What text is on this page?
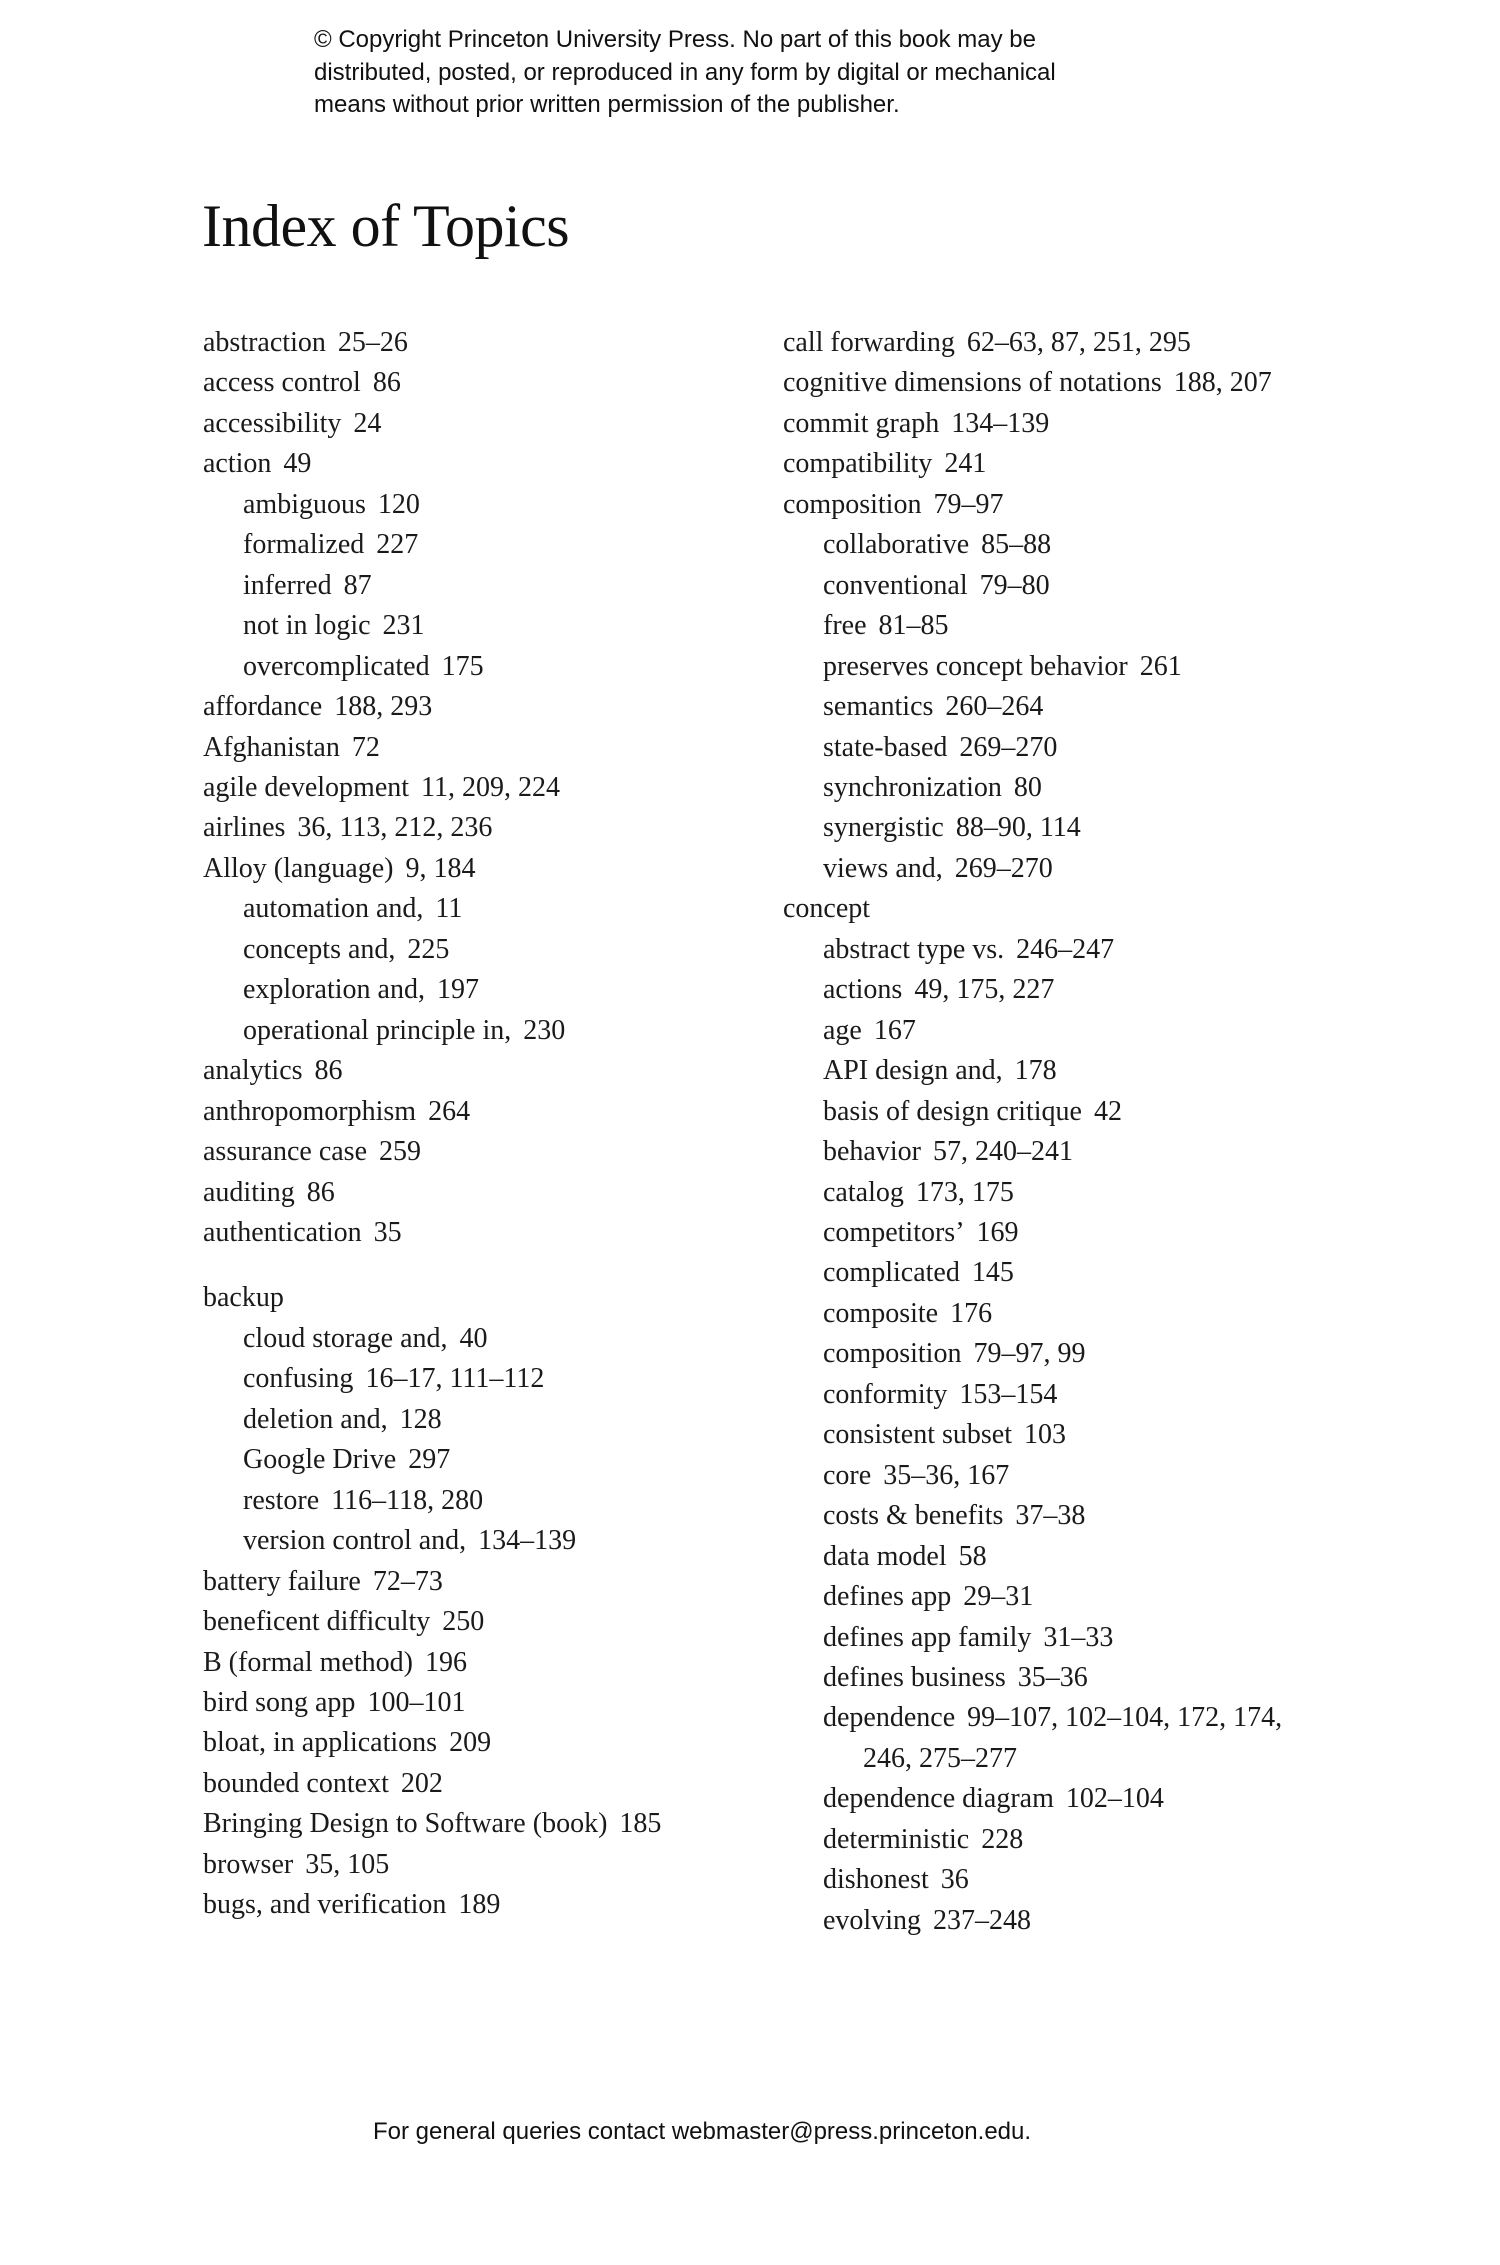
© Copyright Princeton University Press. No part of this book may be
distributed, posted, or reproduced in any form by digital or mechanical
means without prior written permission of the publisher.
Index of Topics
abstraction 25–26
access control 86
accessibility 24
action 49
ambiguous 120
formalized 227
inferred 87
not in logic 231
overcomplicated 175
affordance 188, 293
Afghanistan 72
agile development 11, 209, 224
airlines 36, 113, 212, 236
Alloy (language) 9, 184
automation and, 11
concepts and, 225
exploration and, 197
operational principle in, 230
analytics 86
anthropomorphism 264
assurance case 259
auditing 86
authentication 35
backup
cloud storage and, 40
confusing 16–17, 111–112
deletion and, 128
Google Drive 297
restore 116–118, 280
version control and, 134–139
battery failure 72–73
beneficent difficulty 250
B (formal method) 196
bird song app 100–101
bloat, in applications 209
bounded context 202
Bringing Design to Software (book) 185
browser 35, 105
bugs, and verification 189
call forwarding 62–63, 87, 251, 295
cognitive dimensions of notations 188, 207
commit graph 134–139
compatibility 241
composition 79–97
collaborative 85–88
conventional 79–80
free 81–85
preserves concept behavior 261
semantics 260–264
state-based 269–270
synchronization 80
synergistic 88–90, 114
views and, 269–270
concept
abstract type vs. 246–247
actions 49, 175, 227
age 167
API design and, 178
basis of design critique 42
behavior 57, 240–241
catalog 173, 175
competitors’ 169
complicated 145
composite 176
composition 79–97, 99
conformity 153–154
consistent subset 103
core 35–36, 167
costs & benefits 37–38
data model 58
defines app 29–31
defines app family 31–33
defines business 35–36
dependence 99–107, 102–104, 172, 174,
246, 275–277
dependence diagram 102–104
deterministic 228
dishonest 36
evolving 237–248
For general queries contact webmaster@press.princeton.edu.
